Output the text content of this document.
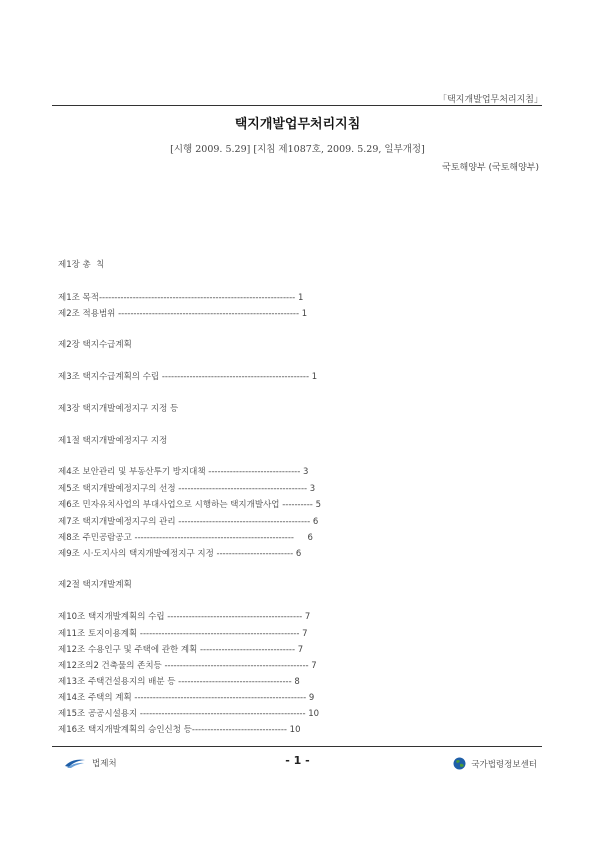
「택지개발업무처리지침」
택지개발업무처리지침
[시행 2009. 5.29] [지침 제1087호, 2009. 5.29, 일부개정]
국토해양부 (국토해양부)
제1장 총  칙
제1조 목적---------------------------------------------------------------- 1
제2조 적용범위 ----------------------------------------------------------- 1
제2장 택지수급계획
제3조 택지수급계획의 수립 ------------------------------------------------ 1
제3장 택지개발예정지구 지정 등
제1절 택지개발예정지구 지정
제4조 보안관리 및 부동산투기 방지대책 ------------------------------ 3
제5조 택지개발예정지구의 선정 ------------------------------------------ 3
제6조 민자유치사업의 부대사업으로 시행하는 택지개발사업 ---------- 5
제7조 택지개발예정지구의 관리 ------------------------------------------- 6
제8조 주민공람공고 ----------------------------------------------------     6
제9조 시·도지사의 택지개발예정지구 지정 ------------------------- 6
제2절 택지개발계획
제10조 택지개발계획의 수립 -------------------------------------------- 7
제11조 토지이용계획 ---------------------------------------------------- 7
제12조 수용인구 및 주택에 관한 계획 ------------------------------- 7
제12조의2 건축물의 존치등 ----------------------------------------------- 7
제13조 주택건설용지의 배분 등 ------------------------------------- 8
제14조 주택의 계획 -------------------------------------------------------- 9
제15조 공공시설용지 ------------------------------------------------------ 10
제16조 택지개발계획의 승인신청 등------------------------------- 10
법제처	- 1 -	국가법령정보센터
